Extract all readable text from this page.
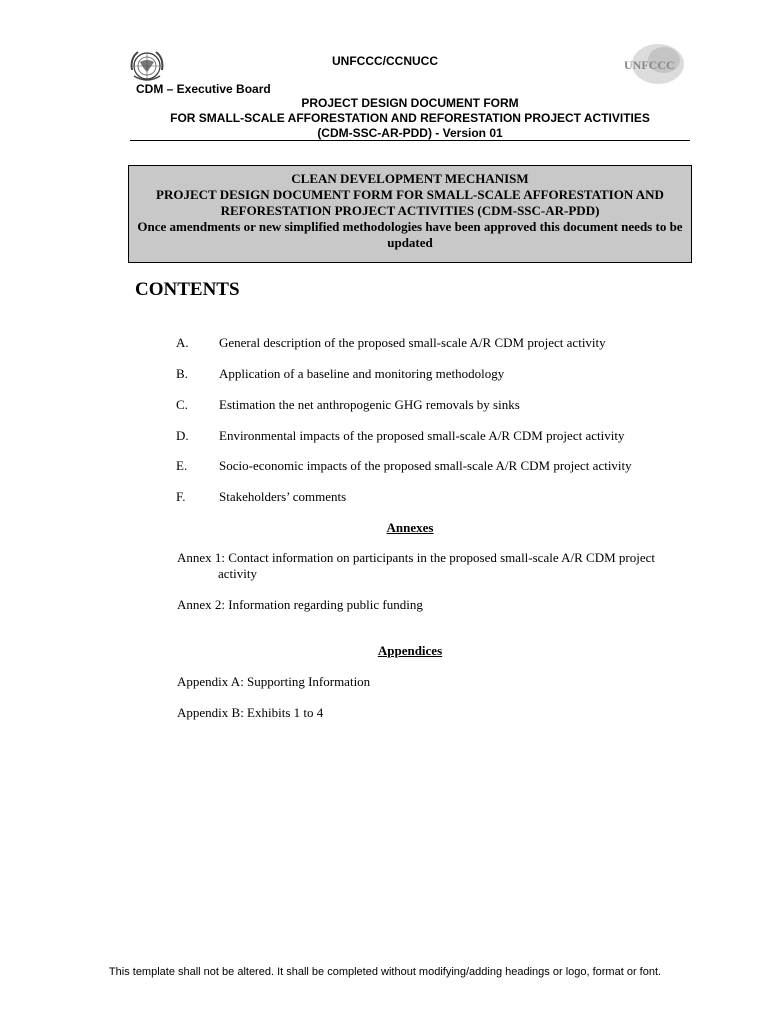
UNFCCC
UNFCCC/CCNUCC
CDM – Executive Board
PROJECT DESIGN DOCUMENT FORM
FOR SMALL-SCALE AFFORESTATION AND REFORESTATION PROJECT ACTIVITIES
(CDM-SSC-AR-PDD) - Version 01
CLEAN DEVELOPMENT MECHANISM
PROJECT DESIGN DOCUMENT FORM FOR SMALL-SCALE AFFORESTATION AND
REFORESTATION PROJECT ACTIVITIES (CDM-SSC-AR-PDD)
Once amendments or new simplified methodologies have been approved this document needs to be
updated
CONTENTS
A. General description of the proposed small-scale A/R CDM project activity
B. Application of a baseline and monitoring methodology
C. Estimation the net anthropogenic GHG removals by sinks
D. Environmental impacts of the proposed small-scale A/R CDM project activity
E. Socio-economic impacts of the proposed small-scale A/R CDM project activity
F.	Stakeholders’ comments
Annexes
Annex 1: Contact information on participants in the proposed small-scale A/R CDM project
activity
Annex 2: Information regarding public funding
Appendices
Appendix A: Supporting Information
Appendix B: Exhibits 1 to 4
This template shall not be altered. It shall be completed without modifying/adding headings or logo, format or font.
